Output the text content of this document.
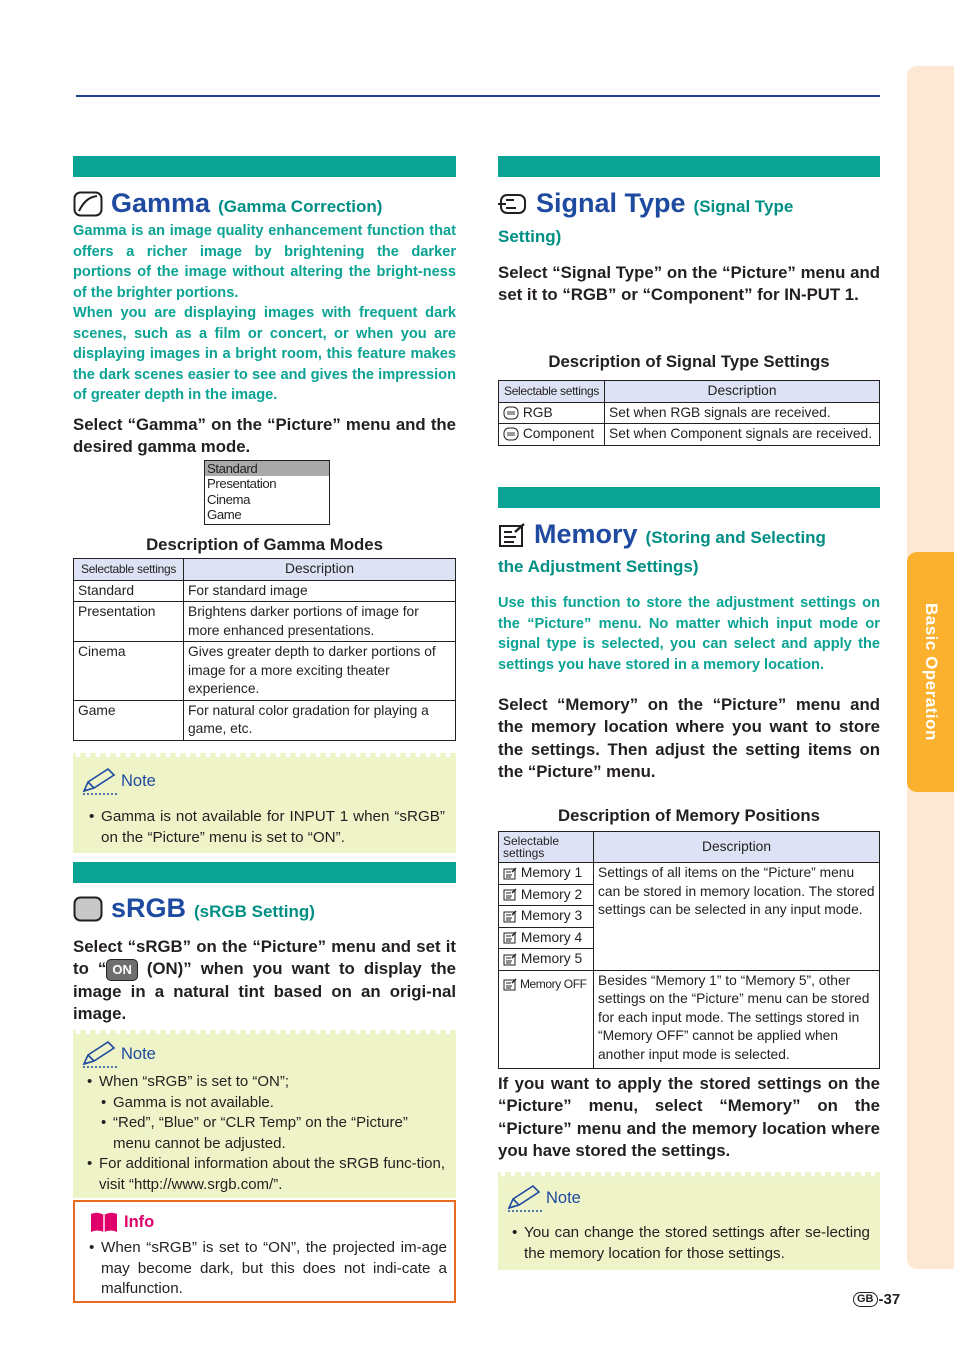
Basic Operation
Gamma (Gamma Correction)

Gamma is an image quality enhancement function that offers a richer image by brightening the darker portions of the image without altering the bright-ness of the brighter portions.

When you are displaying images with frequent dark scenes, such as a film or concert, or when you are displaying images in a bright room, this feature makes the dark scenes easier to see and gives the impression of greater depth in the image.

Select “Gamma” on the “Picture” menu and the desired gamma mode.
Standard
Presentation
Cinema
Game
Description of Gamma Modes
Selectable settings	Description
Standard	For standard image
Presentation	Brightens darker portions of image for more enhanced presentations.
Cinema	Gives greater depth to darker portions of image for a more exciting theater experience.
Game	For natural color gradation for playing a game, etc.
Note
• Gamma is not available for INPUT 1 when “sRGB” on the “Picture” menu is set to “ON”.
sRGB (sRGB Setting)
Select “sRGB” on the “Picture” menu and set it to “ ON (ON)” when you want to display the image in a natural tint based on an origi-nal image.
Note
• When “sRGB” is set to “ON”;
• Gamma is not available.
• “Red”, “Blue” or “CLR Temp” on the “Picture” menu cannot be adjusted.
• For additional information about the sRGB func-tion, visit “http://www.srgb.com/”.
Info
• When “sRGB” is set to “ON”, the projected im-age may become dark, but this does not indi-cate a malfunction.
Signal Type (Signal Type
Setting)
Select “Signal Type” on the “Picture” menu and set it to “RGB” or “Component” for IN-PUT 1.
Description of Signal Type Settings
Selectable settings	Description
RGB	Set when RGB signals are received.
Component	Set when Component signals are received.
Memory (Storing and Selecting
the Adjustment Settings)
Use this function to store the adjustment settings on the “Picture” menu. No matter which input mode or signal type is selected, you can select and apply the settings you have stored in a memory location.
Select “Memory” on the “Picture” menu and the memory location where you want to store the settings. Then adjust the setting items on the “Picture” menu.
Description of Memory Positions
Selectable settings	Description
Memory 1	Settings of all items on the “Picture” menu can be stored in memory location. The stored settings can be selected in any input mode.
Memory 2	
Memory 3	
Memory 4	
Memory 5	
Memory OFF	Besides “Memory 1” to “Memory 5”, other settings on the “Picture” menu can be stored for each input mode. The settings stored in “Memory OFF” cannot be applied when another input mode is selected.
If you want to apply the stored settings on the “Picture” menu, select “Memory” on the “Picture” menu and the memory location where you have stored the settings.
Note
• You can change the stored settings after se-lecting the memory location for those settings.
GB -37
